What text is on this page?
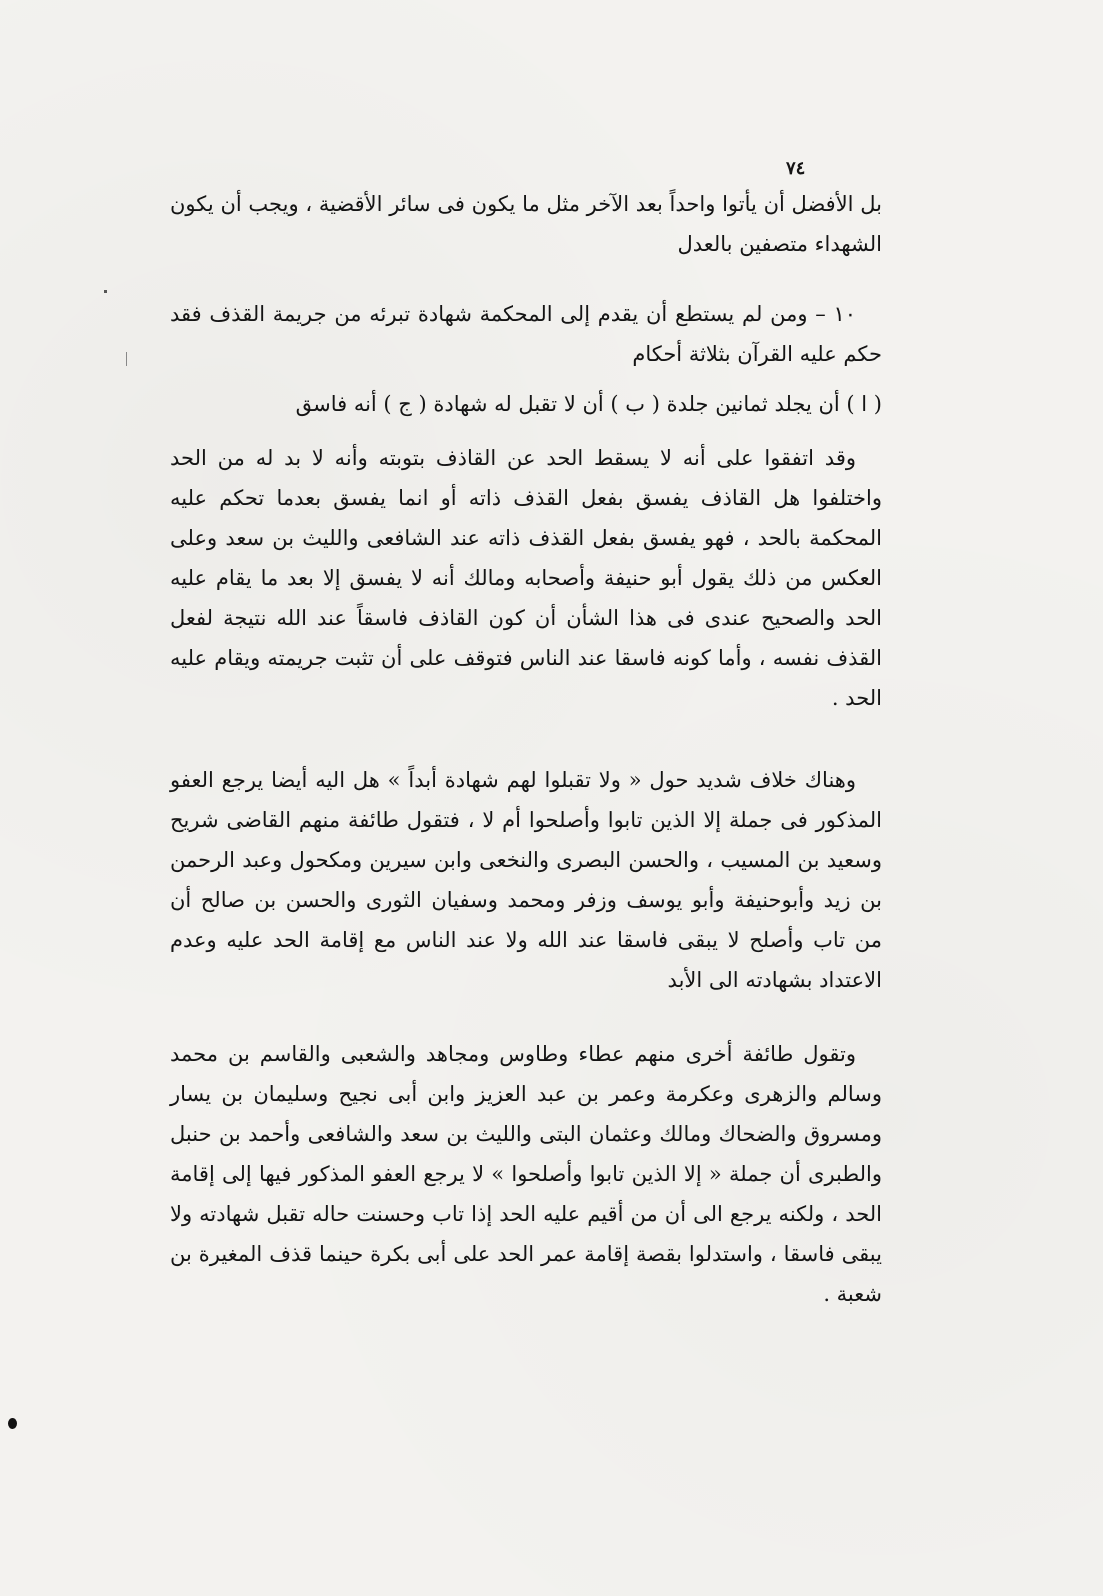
٧٤

بل الأفضل أن يأتوا واحداً بعد الآخر مثل ما يكون فى سائر الأقضية ، ويجب أن يكون الشهداء متصفين بالعدل

١٠ – ومن لم يستطع أن يقدم إلى المحكمة شهادة تبرئه من جريمة القذف فقد حكم عليه القرآن بثلاثة أحكام

( ا ) أن يجلد ثمانين جلدة ( ب ) أن لا تقبل له شهادة ( ج ) أنه فاسق

وقد اتفقوا على أنه لا يسقط الحد عن القاذف بتوبته وأنه لا بد له من الحد واختلفوا هل القاذف يفسق بفعل القذف ذاته أو انما يفسق بعدما تحكم عليه المحكمة بالحد ، فهو يفسق بفعل القذف ذاته عند الشافعى والليث بن سعد وعلى العكس من ذلك يقول أبو حنيفة وأصحابه ومالك أنه لا يفسق إلا بعد ما يقام عليه الحد والصحيح عندى فى هذا الشأن أن كون القاذف فاسقاً عند الله نتيجة لفعل القذف نفسه ، وأما كونه فاسقا عند الناس فتوقف على أن تثبت جريمته ويقام عليه الحد .

وهناك خلاف شديد حول « ولا تقبلوا لهم شهادة أبداً » هل اليه أيضا يرجع العفو المذكور فى جملة إلا الذين تابوا وأصلحوا أم لا ، فتقول طائفة منهم القاضى شريح وسعيد بن المسيب ، والحسن البصرى والنخعى وابن سيرين ومكحول وعبد الرحمن بن زيد وأبوحنيفة وأبو يوسف وزفر ومحمد وسفيان الثورى والحسن بن صالح أن من تاب وأصلح لا يبقى فاسقا عند الله ولا عند الناس مع إقامة الحد عليه وعدم الاعتداد بشهادته الى الأبد

وتقول طائفة أخرى منهم عطاء وطاوس ومجاهد والشعبى والقاسم بن محمد وسالم والزهرى وعكرمة وعمر بن عبد العزيز وابن أبى نجيح وسليمان بن يسار ومسروق والضحاك ومالك وعثمان البتى والليث بن سعد والشافعى وأحمد بن حنبل والطبرى أن جملة « إلا الذين تابوا وأصلحوا » لا يرجع العفو المذكور فيها إلى إقامة الحد ، ولكنه يرجع الى أن من أقيم عليه الحد إذا تاب وحسنت حاله تقبل شهادته ولا يبقى فاسقا ، واستدلوا بقصة إقامة عمر الحد على أبى بكرة حينما قذف المغيرة بن شعبة .
